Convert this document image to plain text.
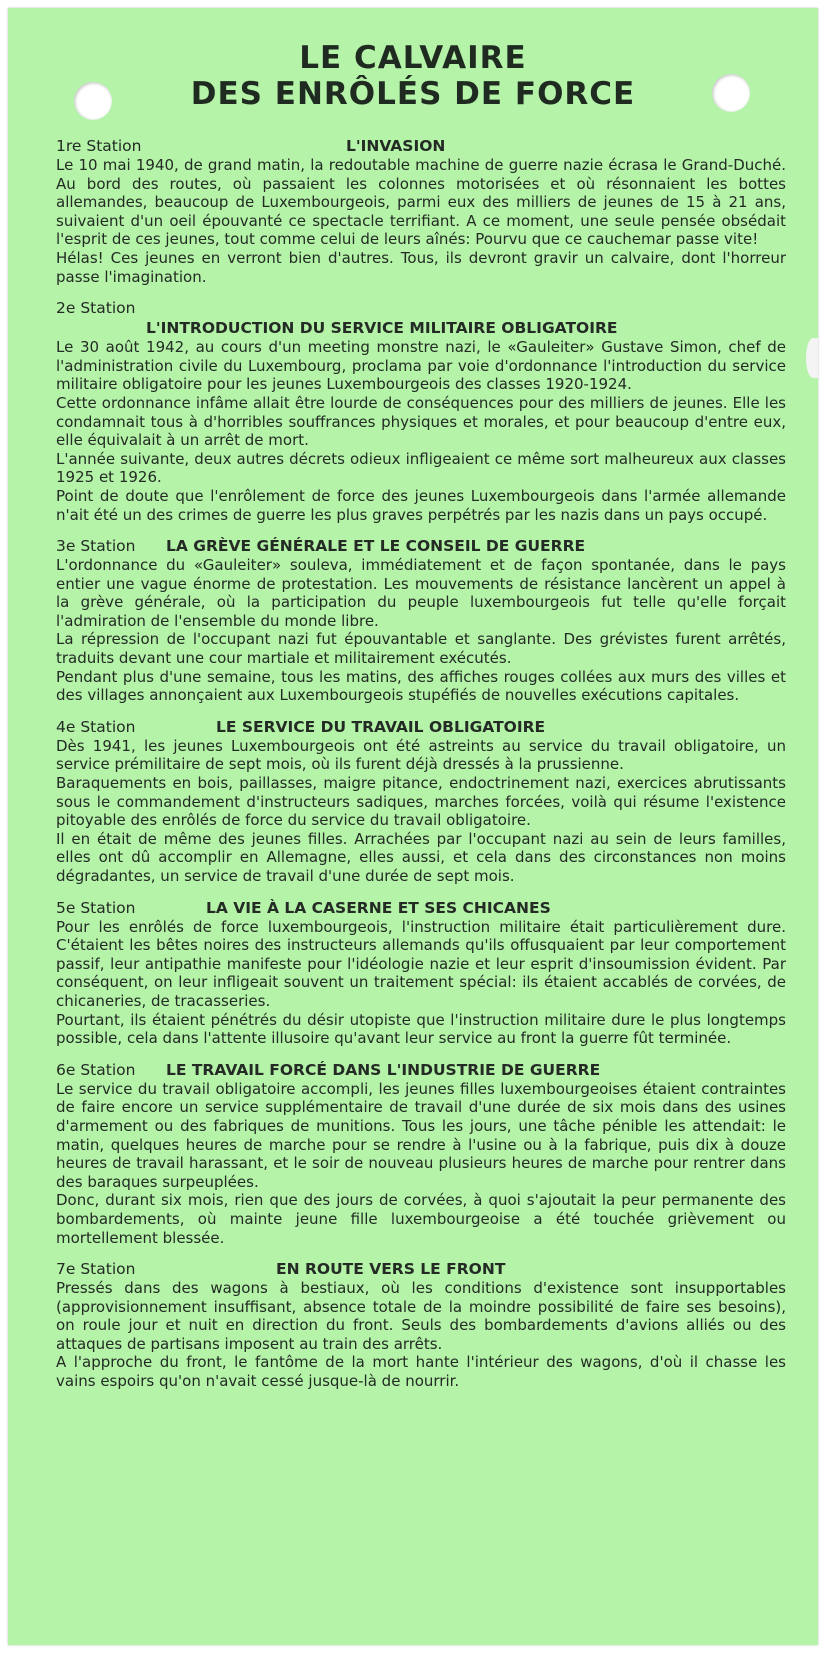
LE CALVAIRE
DES ENRÔLÉS DE FORCE
1re Station	L'INVASION

Le 10 mai 1940, de grand matin, la redoutable machine de guerre nazie écrasa le Grand-Duché. Au bord des routes, où passaient les colonnes motorisées et où résonnaient les bottes allemandes, beaucoup de Luxembourgeois, parmi eux des milliers de jeunes de 15 à 21 ans, suivaient d'un oeil épouvanté ce spectacle terrifiant. A ce moment, une seule pensée obsédait l'esprit de ces jeunes, tout comme celui de leurs aînés: Pourvu que ce cauchemar passe vite!

Hélas! Ces jeunes en verront bien d'autres. Tous, ils devront gravir un calvaire, dont l'horreur passe l'imagination.

2e Station
L'INTRODUCTION DU SERVICE MILITAIRE OBLIGATOIRE

Le 30 août 1942, au cours d'un meeting monstre nazi, le «Gauleiter» Gustave Simon, chef de l'administration civile du Luxembourg, proclama par voie d'ordonnance l'introduction du service militaire obligatoire pour les jeunes Luxembourgeois des classes 1920-1924.

Cette ordonnance infâme allait être lourde de conséquences pour des milliers de jeunes. Elle les condamnait tous à d'horribles souffrances physiques et morales, et pour beaucoup d'entre eux, elle équivalait à un arrêt de mort.

L'année suivante, deux autres décrets odieux infligeaient ce même sort malheureux aux classes 1925 et 1926.

Point de doute que l'enrôlement de force des jeunes Luxembourgeois dans l'armée allemande n'ait été un des crimes de guerre les plus graves perpétrés par les nazis dans un pays occupé.

3e Station LA GRÈVE GÉNÉRALE ET LE CONSEIL DE GUERRE

L'ordonnance du «Gauleiter» souleva, immédiatement et de façon spontanée, dans le pays entier une vague énorme de protestation. Les mouvements de résistance lancèrent un appel à la grève générale, où la participation du peuple luxembourgeois fut telle qu'elle forçait l'admiration de l'ensemble du monde libre.

La répression de l'occupant nazi fut épouvantable et sanglante. Des grévistes furent arrêtés, traduits devant une cour martiale et militairement exécutés.

Pendant plus d'une semaine, tous les matins, des affiches rouges collées aux murs des villes et des villages annonçaient aux Luxembourgeois stupéfiés de nouvelles exécutions capitales.

4e Station	LE SERVICE DU TRAVAIL OBLIGATOIRE

Dès 1941, les jeunes Luxembourgeois ont été astreints au service du travail obligatoire, un service prémilitaire de sept mois, où ils furent déjà dressés à la prussienne.

Baraquements en bois, paillasses, maigre pitance, endoctrinement nazi, exercices abrutissants sous le commandement d'instructeurs sadiques, marches forcées, voilà qui résume l'existence pitoyable des enrôlés de force du service du travail obligatoire.

Il en était de même des jeunes filles. Arrachées par l'occupant nazi au sein de leurs familles, elles ont dû accomplir en Allemagne, elles aussi, et cela dans des circonstances non moins dégradantes, un service de travail d'une durée de sept mois.

5e Station	LA VIE À LA CASERNE ET SES CHICANES

Pour les enrôlés de force luxembourgeois, l'instruction militaire était particulièrement dure. C'étaient les bêtes noires des instructeurs allemands qu'ils offusquaient par leur comportement passif, leur antipathie manifeste pour l'idéologie nazie et leur esprit d'insoumission évident. Par conséquent, on leur infligeait souvent un traitement spécial: ils étaient accablés de corvées, de chicaneries, de tracasseries.

Pourtant, ils étaient pénétrés du désir utopiste que l'instruction militaire dure le plus longtemps possible, cela dans l'attente illusoire qu'avant leur service au front la guerre fût terminée.

6e Station LE TRAVAIL FORCÉ DANS L'INDUSTRIE DE GUERRE

Le service du travail obligatoire accompli, les jeunes filles luxembourgeoises étaient contraintes de faire encore un service supplémentaire de travail d'une durée de six mois dans des usines d'armement ou des fabriques de munitions. Tous les jours, une tâche pénible les attendait: le matin, quelques heures de marche pour se rendre à l'usine ou à la fabrique, puis dix à douze heures de travail harassant, et le soir de nouveau plusieurs heures de marche pour rentrer dans des baraques surpeuplées.

Donc, durant six mois, rien que des jours de corvées, à quoi s'ajoutait la peur permanente des bombardements, où mainte jeune fille luxembourgeoise a été touchée grièvement ou mortellement blessée.

7e Station	EN ROUTE VERS LE FRONT

Pressés dans des wagons à bestiaux, où les conditions d'existence sont insupportables (approvisionnement insuffisant, absence totale de la moindre possibilité de faire ses besoins), on roule jour et nuit en direction du front. Seuls des bombardements d'avions alliés ou des attaques de partisans imposent au train des arrêts.

A l'approche du front, le fantôme de la mort hante l'intérieur des wagons, d'où il chasse les vains espoirs qu'on n'avait cessé jusque-là de nourrir.
